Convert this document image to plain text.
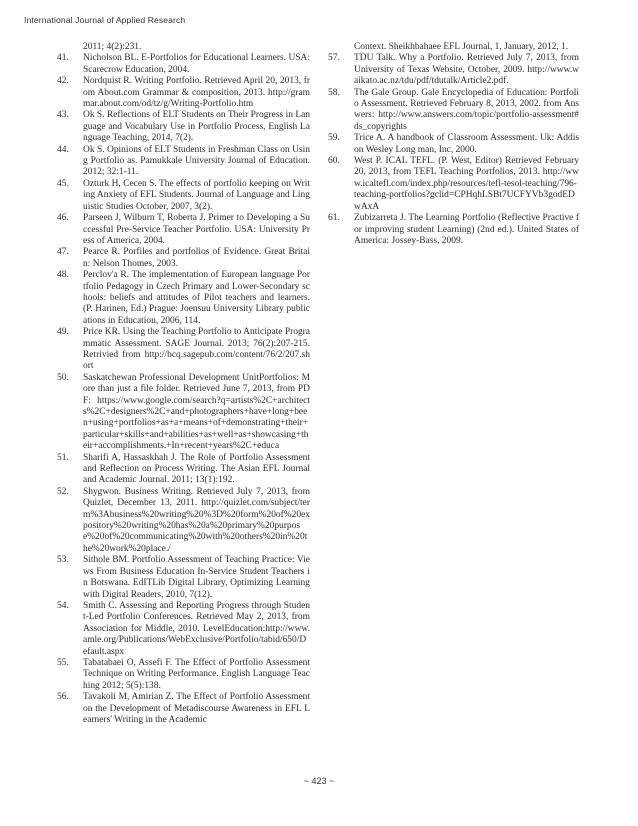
International Journal of Applied Research
2011; 4(2):231.
41.	Nicholson BL. E-Portfolios for Educational Learners. USA: Scarecrow Education, 2004.
42.	Nordquist R. Writing Portfolio. Retrieved April 20, 2013, from About.com Grammar & composition, 2013. http://grammar.about.com/od/tz/g/Writing-Portfolio.htm
43.	Ok S. Reflections of ELT Students on Their Progress in Language and Vocabulary Use in Portfolio Process, English Language Teaching, 2014, 7(2).
44.	Ok S. Opinions of ELT Students in Freshman Class on Using Portfolio as. Pamukkale University Journal of Education. 2012; 32:1-11.
45.	Ozturk H, Cecen S. The effects of portfolio keeping on Writing Anxiety of EFL Students. Journal of Language and Linguistic Studies October, 2007, 3(2).
46.	Parseen J, Wilburn T, Roberta J. Primer to Developing a Successful Pre-Service Teacher Portfolio. USA: University Press of America, 2004.
47.	Pearce R. Porfiles and portfolios of Evidence. Great Britain: Nelson Thomes, 2003.
48.	Perclov'a R. The implementation of European language Portfolio Pedagogy in Czech Primary and Lower-Secondary schools: beliefs and attitudes of Pilot teachers and learners. (P. Harinen, Ed.) Prague: Joensuu University Library publications in Education, 2006, 114.
49.	Price KR. Using the Teaching Portfolio to Anticipate Programmatic Assessment. SAGE Journal. 2013; 76(2):207-215. Retrivied from http://bcq.sagepub.com/content/76/2/207.short
50.	Saskatchewan Professional Development UnitPortfolios: More than just a file folder. Retrieved June 7, 2013, from PDF: https://www.google.com/search?q=artists%2C+architects%2C+designers%2C+and+photographers+have+long+been+using+portfolios+as+a+means+of+demonstrating+their+particular+skills+and+abilities+as+well+as+showcasing+their+accomplishments.+In+recent+years%2C+educa
51.	Sharifi A, Hassaskhah J. The Role of Portfolio Assessment and Reflection on Process Writing. The Asian EFL Journal and Academic Journal. 2011; 13(1):192.
52.	Shygwon. Business Writing. Retrieved July 7, 2013, from Quizlet, December 13, 2011. http://quizlet.com/subject/term%3Abusiness%20writing%20%3D%20form%20of%20expository%20writing%20has%20a%20primary%20purpose%20of%20communicating%20with%20others%20in%20the%20work%20place./
53.	Sithole BM. Portfolio Assessment of Teaching Practice: Views From Business Education In-Service Student Teachers in Botswana. EdITLib Digital Library, Optimizing Learning with Digital Readers, 2010, 7(12).
54.	Smith C. Assessing and Reporting Progress through Student-Led Portfolio Conferences. Retrieved May 2, 2013, from Association for Middle, 2010. LevelEducation:http://www.amle.org/Publications/WebExclusive/Portfolio/tabid/650/Default.aspx
55.	Tabatabaei O, Assefi F. The Effect of Portfolio Assessment Technique on Writing Performance. English Language Teaching 2012; 5(5):138.
56.	Tavakoli M, Amirian Z. The Effect of Portfolio Assessment on the Development of Metadiscourse Awareness in EFL Learners' Writing in the Academic
Context. Sheikhbahaee EFL Journal, 1, January, 2012, 1.
57.	TDU Talk. Why a Portfolio. Retrieved July 7, 2013, from University of Texas Website, October, 2009. http://www.waikato.ac.nz/tdu/pdf/tdutalk/Article2.pdf.
58.	The Gale Group. Gale Encyclopedia of Education: Portfolio Assessment. Retrieved February 8, 2013, 2002. from Answers: http://www.answers.com/topic/portfolio-assessment#ds_copyrights
59.	Trice A. A handbook of Classroom Assessment. Uk: Addison Wesley Long man, Inc, 2000.
60.	West P. ICAL TEFL. (P. West, Editor) Retrieved February 20, 2013, from TEFL Teaching Portfolios, 2013. http://www.icaltefl.com/index.php/resources/tefl-tesol-teaching/796-teaching-portfolios?gclid=CPHqhLSBt7UCFYVb3godEDwAxA
61.	Zubizarreta J. The Learning Portfolio (Reflective Practive for improving student Learning) (2nd ed.). United States of America: Jossey-Bass, 2009.
~ 423 ~
